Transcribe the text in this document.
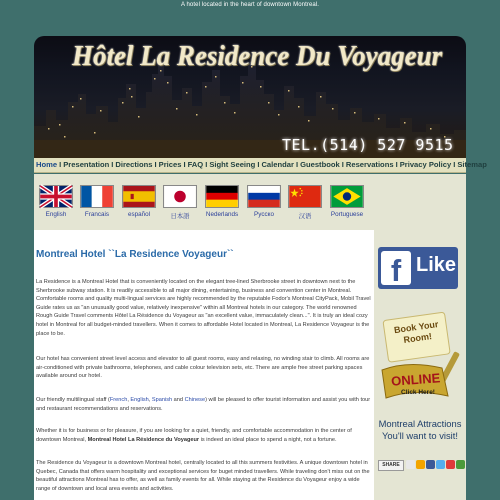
A hotel located in the heart of downtown Montreal.
Hôtel La Residence Du Voyageur
TEL.(514) 527 9515
Home I Presentation I Directions I Prices I FAQ I Sight Seeing I Calendar I Guestbook I Reservations I Privacy Policy I Sitemap
English	Francais	español	日本語	Nederlands	Русско	汉语	Portuguese
Montreal Hotel ``La Residence Voyageur``
La Residence is a Montreal Hotel that is conveniently located on the elegant tree-lined Sherbrooke street in downtown next to the Sherbrooke subway station. It is readily accessible to all major dining, entertaining, business and convention center in Montreal. Comfortable rooms and quality multi-lingual services are highly recommended by the reputable Fodor's Montreal CityPack, Mobil Travel Guide rates us as "an unusually good value, relatively inexpensive" within all Montreal hotels in our category. The world renowned Rough Guide Travel comments Hôtel La Résidence du Voyageur as "an excellent value, immaculately clean...". It is truly an ideal cozy hotel in Montreal for all budget-minded travellers. When it comes to affordable Hotel located in Montreal, La Residence Voyageur is the place to be.
Our hotel has convenient street level access and elevator to all guest rooms, easy and relaxing, no winding stair to climb. All rooms are air-conditioned with private bathrooms, telephones, and cable colour television sets, etc. There are ample free street parking spaces available around our hotel.
Our friendly multilingual staff (French, English, Spanish and Chinese) will be pleased to offer tourist information and assist you with tour and restaurant recommendations and reservations.
Whether it is for business or for pleasure, if you are looking for a quiet, friendly, and comfortable accommodation in the center of downtown Montreal, Montreal Hotel La Résidence du Voyageur is indeed an ideal place to spend a night, not a fortune.
The Residence du Voyageur is a downtown Montreal hotel, centrally located to all this summers festivities. A unique downtown hotel in Quebec, Canada that offers warm hospitality and exceptional services for buget minded travellers. While traveling don't miss out on the beautiful attractions Montreal has to offer, as well as family events for all. While staying at the Residence du Voyageur enjoy a wide range of downtown and local area events and activities.
f Like
Book Your
Room!
ONLINE
Click Here!
Montreal Attractions
You'll want to visit!
SHARE
